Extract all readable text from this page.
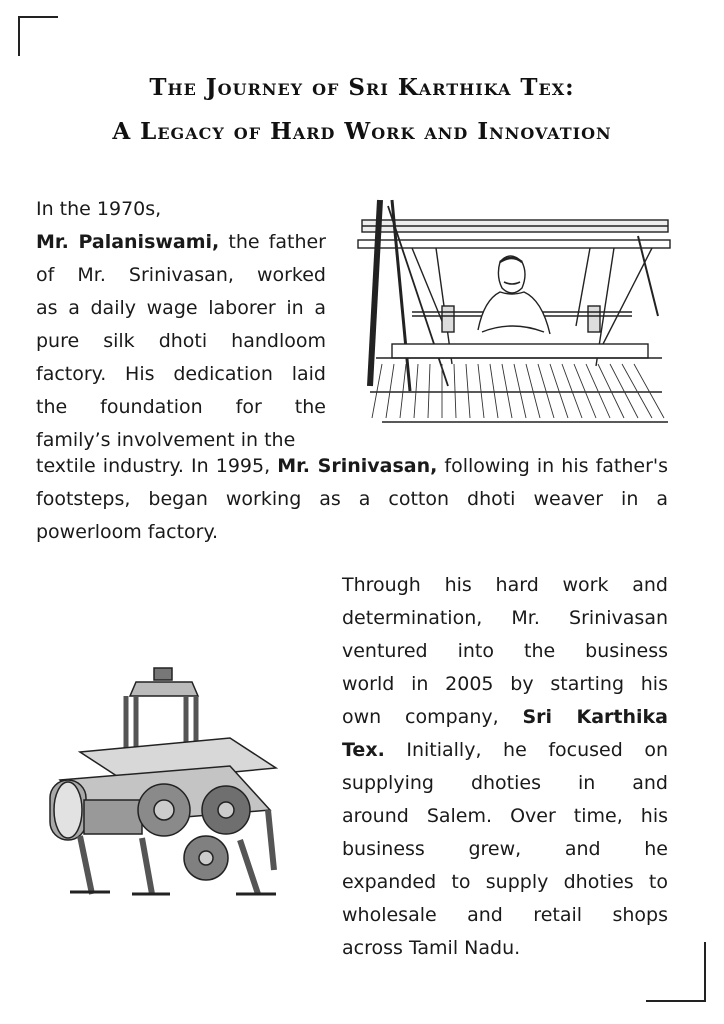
The Journey of Sri Karthika Tex:
A Legacy of Hard Work and Innovation

In the 1970s,

Mr. Palaniswami, the father
of Mr. Srinivasan, worked
as a daily wage laborer in a
pure silk dhoti handloom
factory. His dedication laid
the foundation for the
family’s involvement in the

textile industry. In 1995, Mr. Srinivasan, following in his father's footsteps, began working as a cotton dhoti weaver in a powerloom factory.

Through his hard work and
determination, Mr. Srinivasan
ventured into the business
world in 2005 by starting his
own company, Sri Karthika
Tex. Initially, he focused on
supplying dhoties in and
around Salem. Over time, his
business grew, and he
expanded to supply dhoties to
wholesale and retail shops
across Tamil Nadu.
